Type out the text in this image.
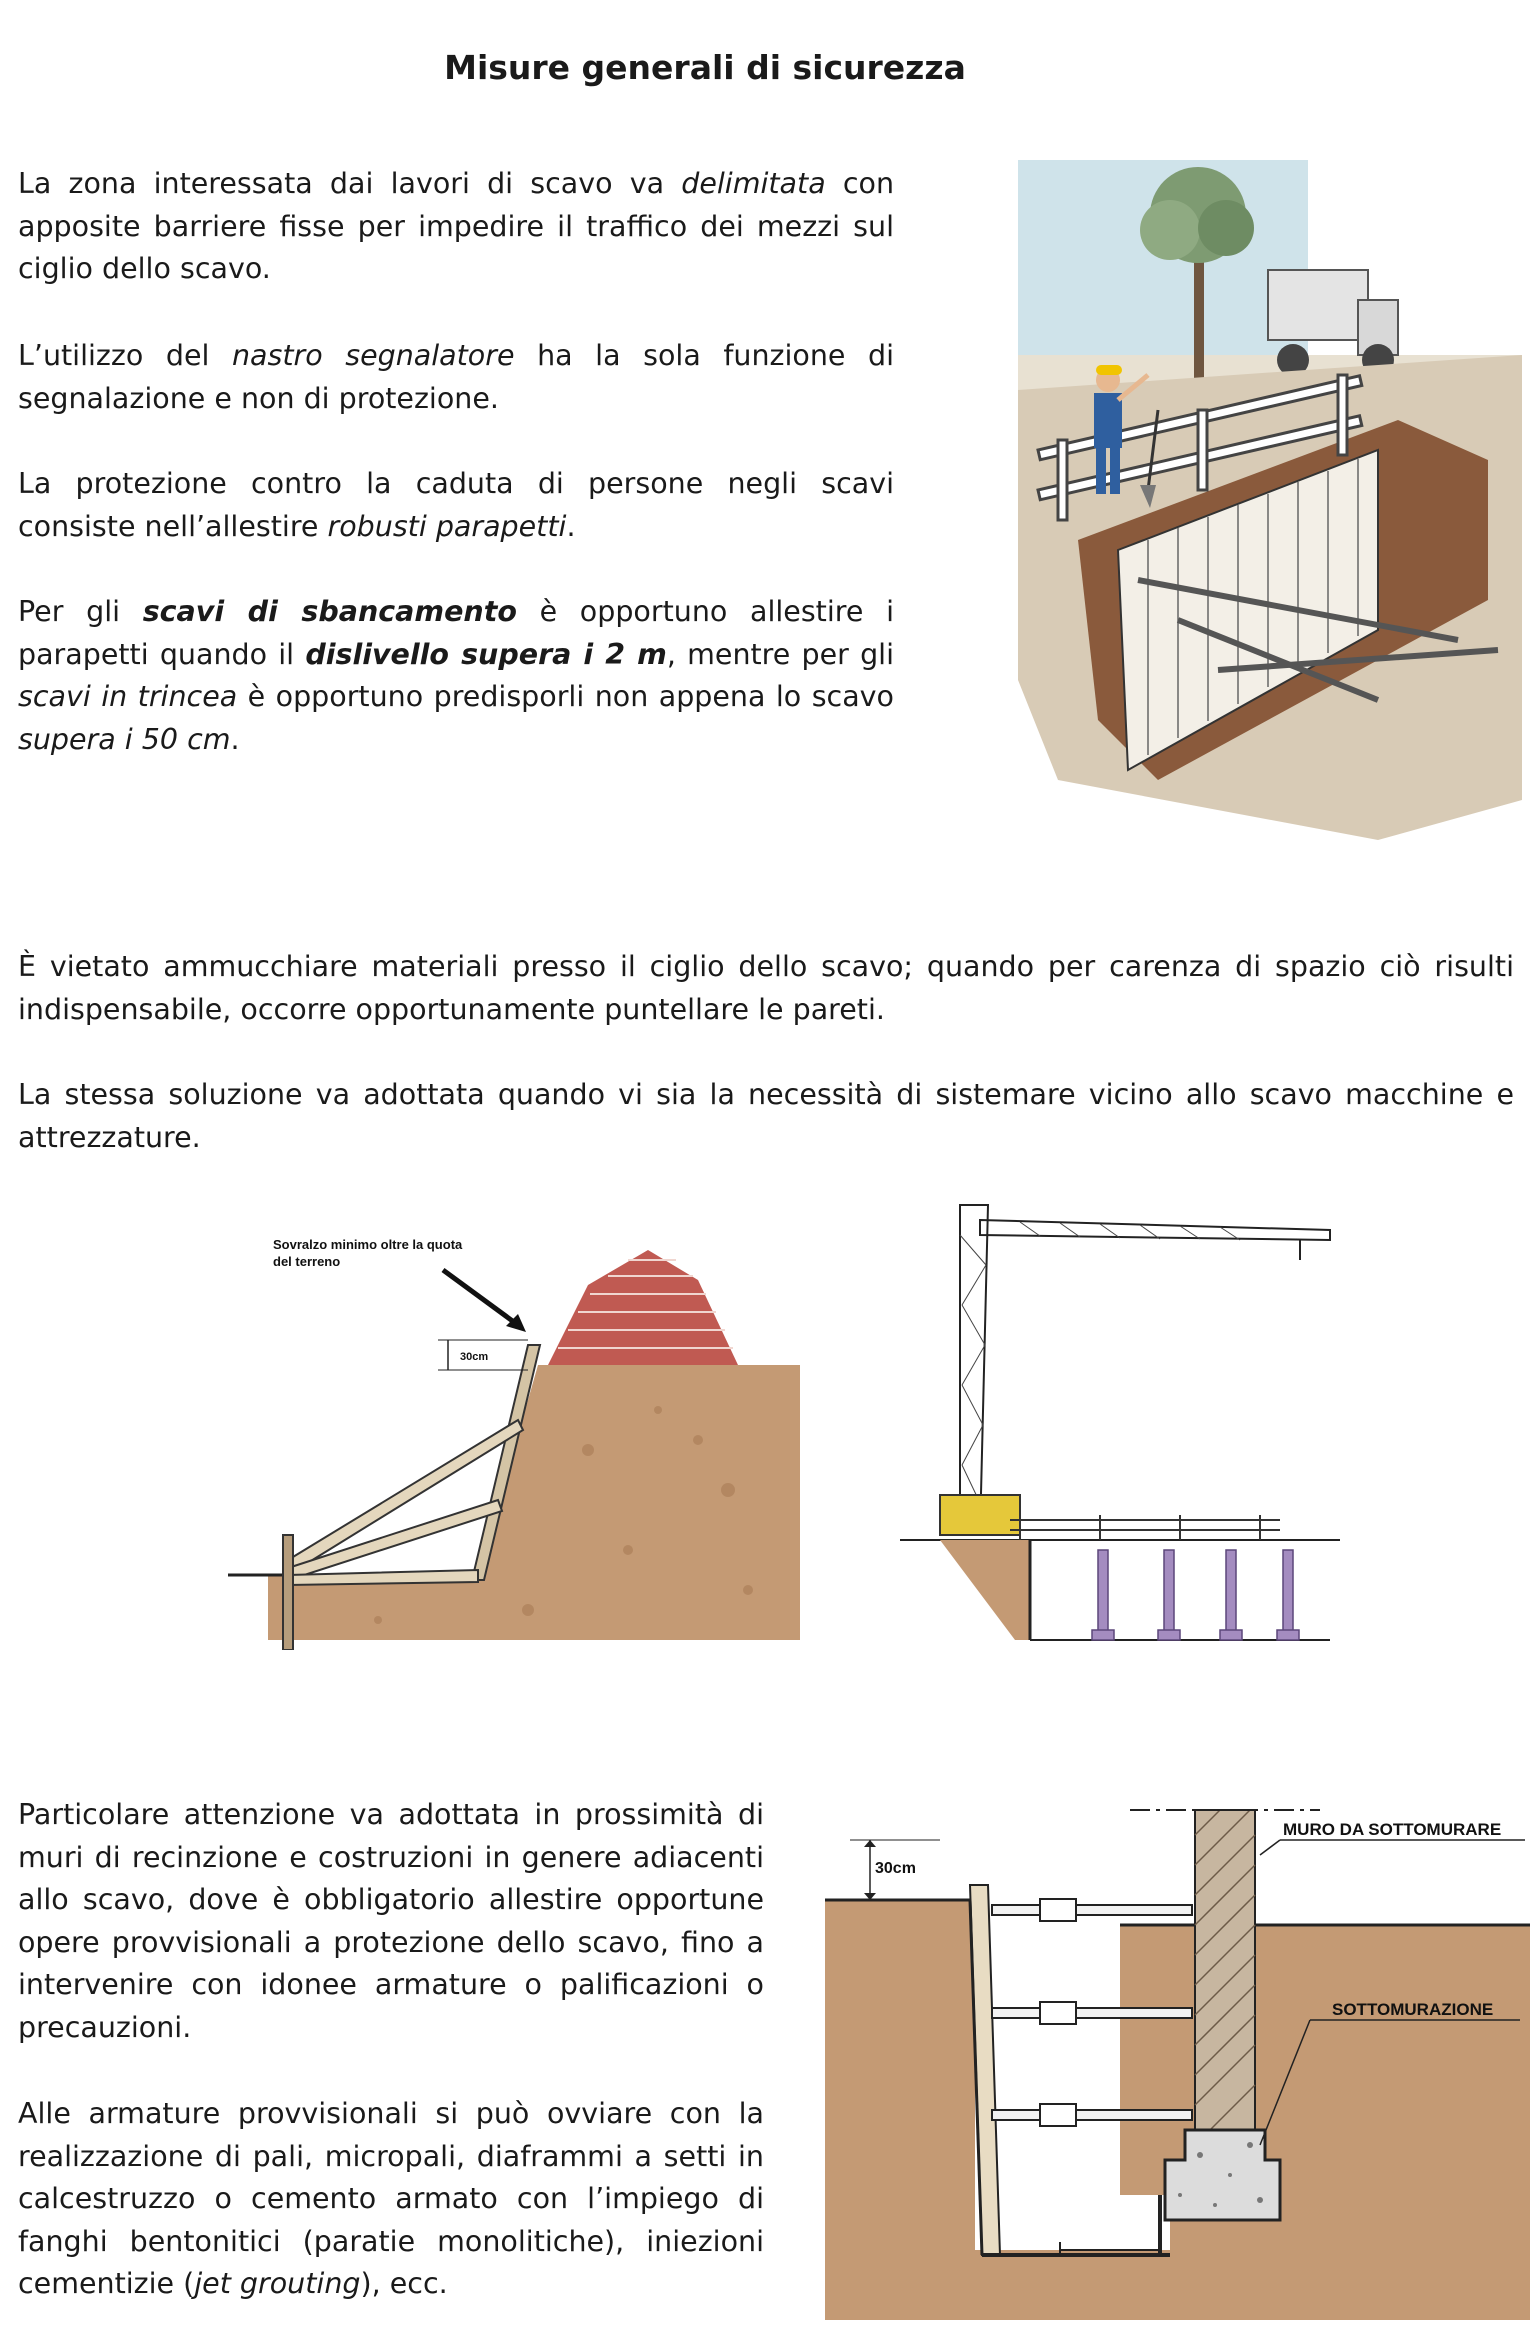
Misure generali di sicurezza

La zona interessata dai lavori di scavo va delimitata con apposite barriere fisse per impedire il traffico dei mezzi sul ciglio dello scavo.

L’utilizzo del nastro segnalatore ha la sola funzione di segnalazione e non di protezione.

La protezione contro la caduta di persone negli scavi consiste nell’allestire robusti parapetti.

Per gli scavi di sbancamento è opportuno allestire i parapetti quando il dislivello supera i 2 m, mentre per gli scavi in trincea è opportuno predisporli non appena lo scavo supera i 50 cm.

È vietato ammucchiare materiali presso il ciglio dello scavo; quando per carenza di spazio ciò risulti indispensabile, occorre opportunamente puntellare le pareti.

La stessa soluzione va adottata quando vi sia la necessità di sistemare vicino allo scavo macchine e attrezzature.

30cm
Sovralzo minimo oltre la quota
del terreno

Particolare attenzione va adottata in prossimità di muri di recinzione e costruzioni in genere adiacenti allo scavo, dove è obbligatorio allestire opportune opere provvisionali a protezione dello scavo, fino a intervenire con idonee armature o palificazioni o precauzioni.

Alle armature provvisionali si può ovviare con la realizzazione di pali, micropali, diaframmi a setti in calcestruzzo o cemento armato con l’impiego di fanghi bentonitici (paratie monolitiche), iniezioni cementizie (jet grouting), ecc.

30cm
MURO DA SOTTOMURARE
SOTTOMURAZIONE
